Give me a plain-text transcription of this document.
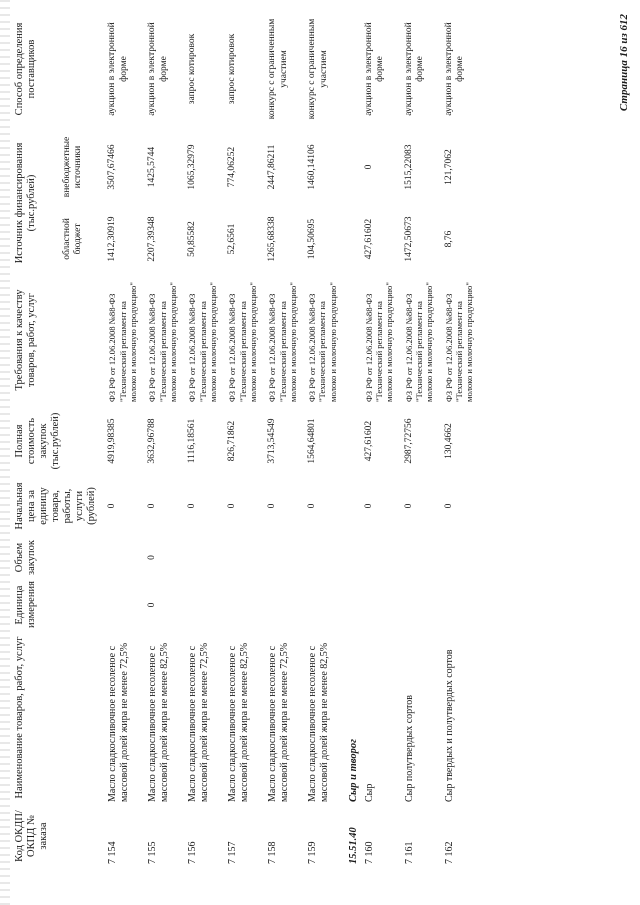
Код ОКДП/ ОКПД № заказа	Наименование товаров, работ, услуг	Единица измерения	Объем закупок	Начальная цена за единицу товара, работы, услуги (рублей)	Полная стоимость закупок (тыс.рублей)	Требования к качеству товаров, работ, услуг	Источник финансирования (тыс.рублей)		Способ определения поставщиков
							областной бюджет	внебюджетные источники	
7 154	Масло сладкосливочное несоленое с массовой долей жира не менее 72,5%			0	4919,98385	ФЗ РФ от 12.06.2008 №88-ФЗ "Технический регламент на молоко и молочную продукцию"	1412,30919	3507,67466	аукцион в электронной форме
7 155	Масло сладкосливочное несоленое с массовой долей жира не менее 82,5%	0	0	0	3632,96788	ФЗ РФ от 12.06.2008 №88-ФЗ "Технический регламент на молоко и молочную продукцию"	2207,39348	1425,5744	аукцион в электронной форме
7 156	Масло сладкосливочное несоленое с массовой долей жира не менее 72,5%			0	1116,18561	ФЗ РФ от 12.06.2008 №88-ФЗ "Технический регламент на молоко и молочную продукцию"	50,85582	1065,32979	запрос котировок
7 157	Масло сладкосливочное несоленое с массовой долей жира не менее 82,5%			0	826,71862	ФЗ РФ от 12.06.2008 №88-ФЗ "Технический регламент на молоко и молочную продукцию"	52,6561	774,06252	запрос котировок
7 158	Масло сладкосливочное несоленое с массовой долей жира не менее 72,5%			0	3713,54549	ФЗ РФ от 12.06.2008 №88-ФЗ "Технический регламент на молоко и молочную продукцию"	1265,68338	2447,86211	конкурс с ограниченным участием
7 159	Масло сладкосливочное несоленое с массовой долей жира не менее 82,5%			0	1564,64801	ФЗ РФ от 12.06.2008 №88-ФЗ "Технический регламент на молоко и молочную продукцию"	104,50695	1460,14106	конкурс с ограниченным участием
15.51.40	Сыр и творог								
7 160	Сыр			0	427,61602	ФЗ РФ от 12.06.2008 №88-ФЗ "Технический регламент на молоко и молочную продукцию"	427,61602	0	аукцион в электронной форме
7 161	Сыр полутвердых сортов			0	2987,72756	ФЗ РФ от 12.06.2008 №88-ФЗ "Технический регламент на молоко и молочную продукцию"	1472,50673	1515,22083	аукцион в электронной форме
7 162	Сыр твердых и полутвердых сортов			0	130,4662	ФЗ РФ от 12.06.2008 №88-ФЗ "Технический регламент на молоко и молочную продукцию"	8,76	121,7062	аукцион в электронной форме	Страница 16 из 612
